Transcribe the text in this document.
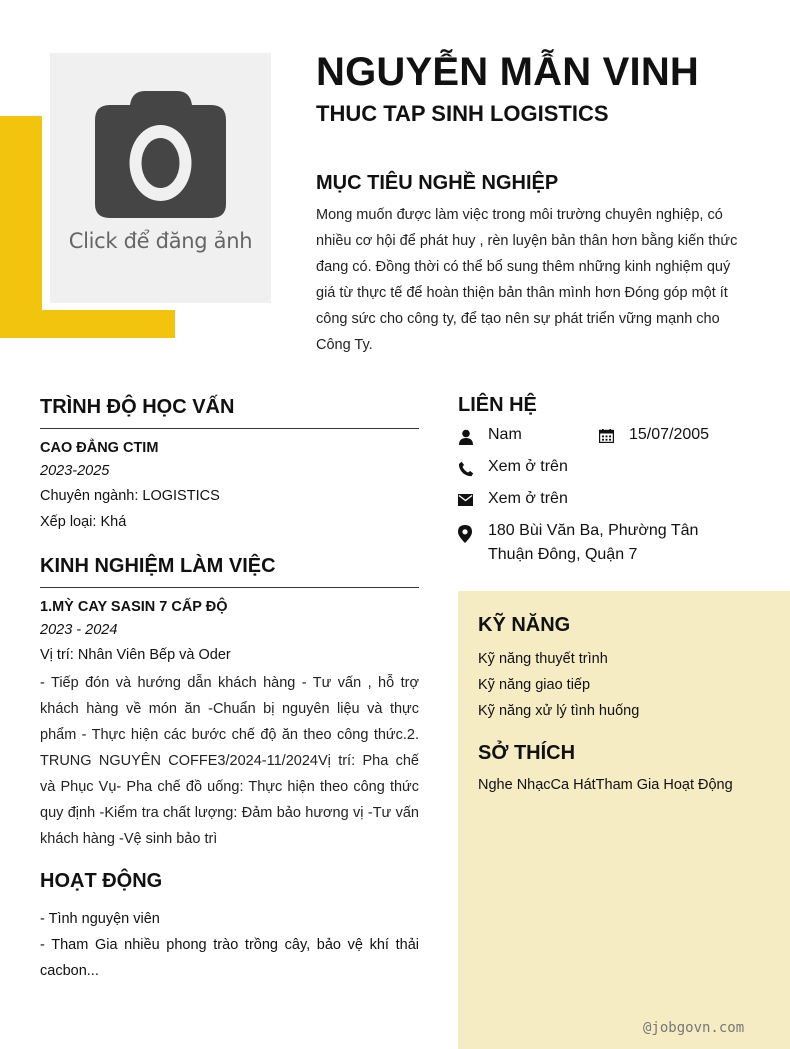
Click để đăng ảnh
NGUYỄN MẪN VINH
THUC TAP SINH LOGISTICS
MỤC TIÊU NGHỀ NGHIỆP
Mong muốn được làm việc trong môi trường chuyên nghiệp, có nhiều cơ hội để phát huy , rèn luyện bản thân hơn bằng kiến thức đang có. Đồng thời có thể bổ sung thêm những kinh nghiệm quý giá từ thực tế để hoàn thiện bản thân mình hơn Đóng góp một ít công sức cho công ty, để tạo nên sự phát triển vững mạnh cho Công Ty.
TRÌNH ĐỘ HỌC VẤN
CAO ĐẲNG CTIM
2023-2025
Chuyên ngành: LOGISTICS
Xếp loại: Khá
KINH NGHIỆM LÀM VIỆC
1.MỲ CAY SASIN 7 CẤP ĐỘ
2023 - 2024
Vị trí: Nhân Viên Bếp và Oder
- Tiếp đón và hướng dẫn khách hàng - Tư vấn , hỗ trợ khách hàng về món ăn -Chuẩn bị nguyên liệu và thực phẩm - Thực hiện các bước chế độ ăn theo công thức.2. TRUNG NGUYÊN COFFE3/2024-11/2024Vị trí: Pha chế và Phục Vụ- Pha chế đồ uống: Thực hiện theo công thức quy định -Kiểm tra chất lượng: Đảm bảo hương vị -Tư vấn khách hàng -Vệ sinh bảo trì
HOẠT ĐỘNG
- Tình nguyện viên
- Tham Gia nhiều phong trào trồng cây, bảo vệ khí thải cacbon...
LIÊN HỆ
Nam	15/07/2005
Xem ở trên
Xem ở trên
180 Bùi Văn Ba, Phường Tân
Thuận Đông, Quận 7
KỸ NĂNG
Kỹ năng thuyết trình
Kỹ năng giao tiếp
Kỹ năng xử lý tình huống
SỞ THÍCH
Nghe NhạcCa HátTham Gia Hoạt Động
@jobgovn.com
